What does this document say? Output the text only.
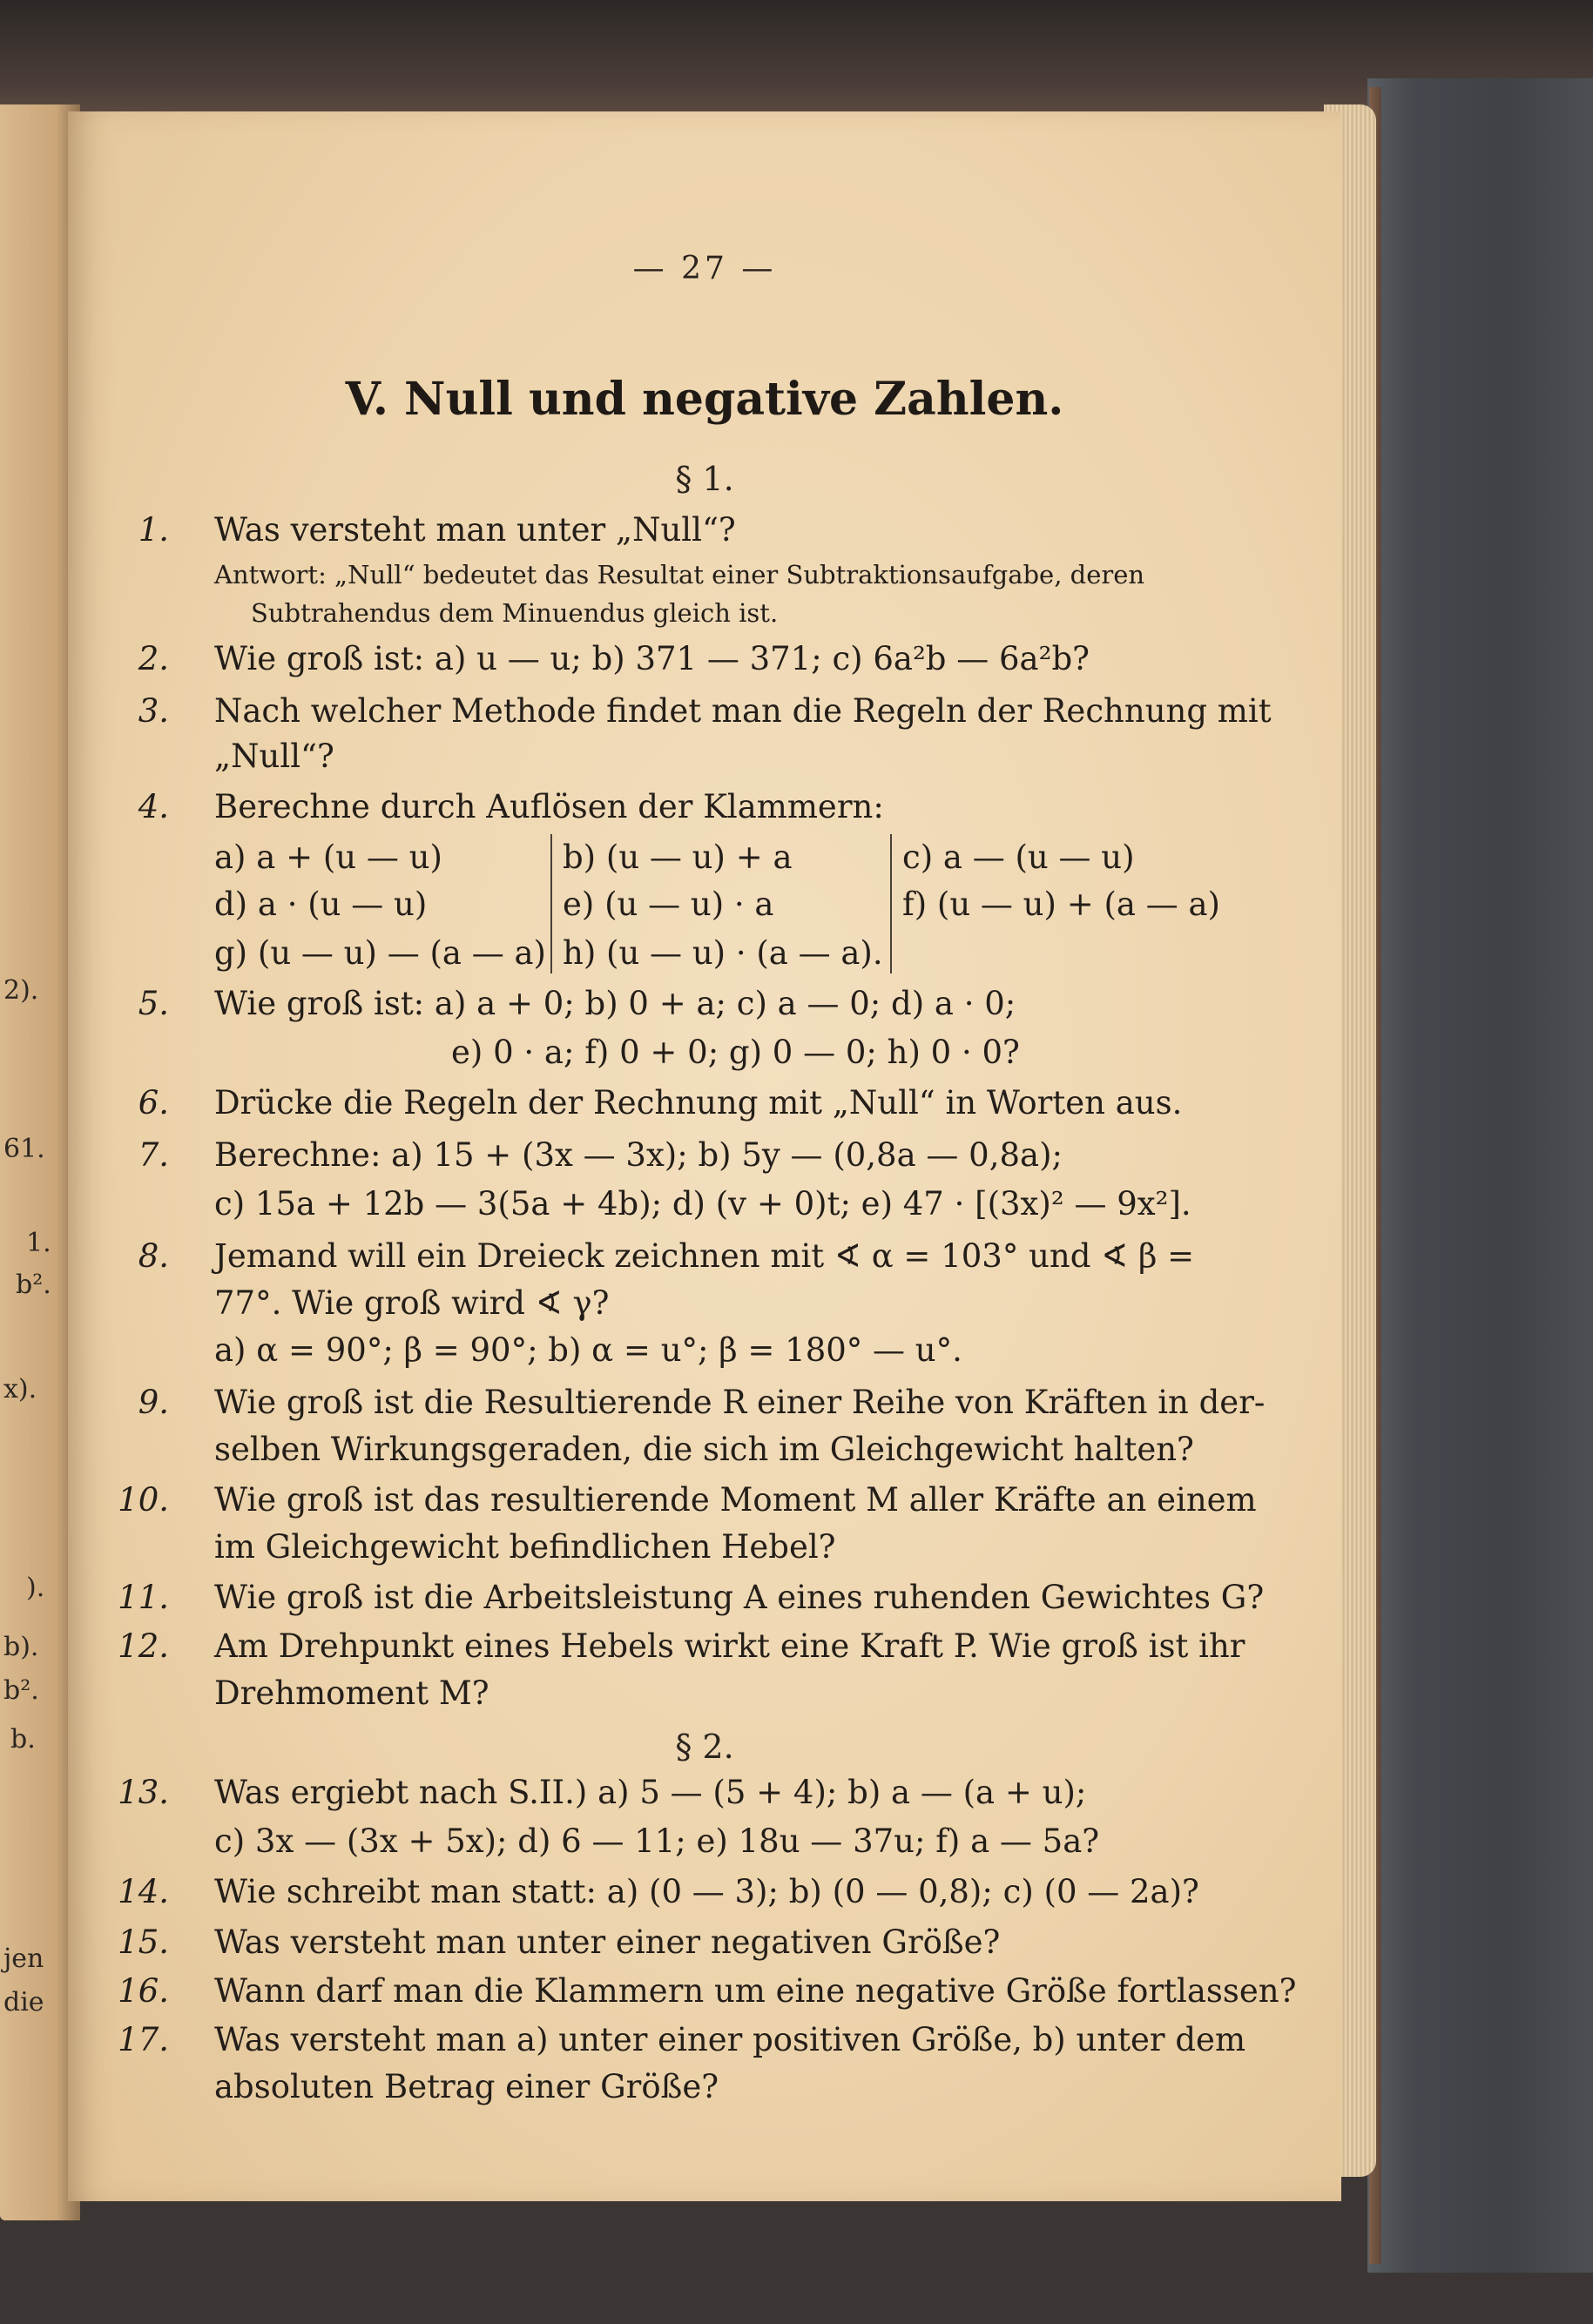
2).
61.
1.
b².
x).
).
b).
b².
b.
jen
die
— 27 —
V. Null und negative Zahlen.
§ 1.
1. Was versteht man unter „Null“?
Antwort: „Null“ bedeutet das Resultat einer Subtraktionsaufgabe, deren
Subtrahendus dem Minuendus gleich ist.
2. Wie groß ist: a) u — u; b) 371 — 371; c) 6a²b — 6a²b?
3. Nach welcher Methode findet man die Regeln der Rechnung mit
„Null“?
4. Berechne durch Auflösen der Klammern:
a) a + (u — u)	b) (u — u) + a	c) a — (u — u)
d) a · (u — u)	e) (u — u) · a	f) (u — u) + (a — a)
g) (u — u) — (a — a) h) (u — u) · (a — a).
5. Wie groß ist: a) a + 0; b) 0 + a; c) a — 0; d) a · 0;
e) 0 · a; f) 0 + 0; g) 0 — 0; h) 0 · 0?
6. Drücke die Regeln der Rechnung mit „Null“ in Worten aus.
7. Berechne: a) 15 + (3x — 3x); b) 5y — (0,8a — 0,8a);
c) 15a + 12b — 3(5a + 4b); d) (v + 0)t; e) 47 · [(3x)² — 9x²].
8. Jemand will ein Dreieck zeichnen mit ∢ α = 103° und ∢ β =
77°. Wie groß wird ∢ γ?
a) α = 90°; β = 90°; b) α = u°; β = 180° — u°.
9. Wie groß ist die Resultierende R einer Reihe von Kräften in der-
selben Wirkungsgeraden, die sich im Gleichgewicht halten?
10. Wie groß ist das resultierende Moment M aller Kräfte an einem
im Gleichgewicht befindlichen Hebel?
11. Wie groß ist die Arbeitsleistung A eines ruhenden Gewichtes G?
12. Am Drehpunkt eines Hebels wirkt eine Kraft P. Wie groß ist ihr
Drehmoment M?
§ 2.
13. Was ergiebt nach S.II.) a) 5 — (5 + 4); b) a — (a + u);
c) 3x — (3x + 5x); d) 6 — 11; e) 18u — 37u; f) a — 5a?
14. Wie schreibt man statt: a) (0 — 3); b) (0 — 0,8); c) (0 — 2a)?
15. Was versteht man unter einer negativen Größe?
16. Wann darf man die Klammern um eine negative Größe fortlassen?
17. Was versteht man a) unter einer positiven Größe, b) unter dem
absoluten Betrag einer Größe?
